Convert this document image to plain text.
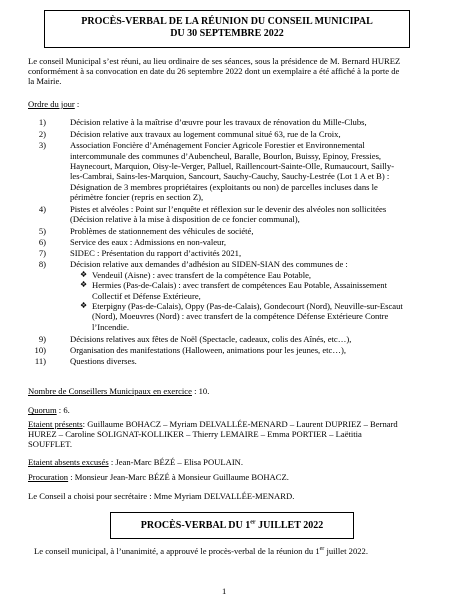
PROCÈS-VERBAL DE LA RÉUNION DU CONSEIL MUNICIPAL
DU 30 SEPTEMBRE 2022
Le conseil Municipal s’est réuni, au lieu ordinaire de ses séances, sous la présidence de M. Bernard HUREZ
conformément à sa convocation en date du 26 septembre 2022 dont un exemplaire a été affiché à la porte de
la Mairie.
Ordre du jour :
1)	Décision relative à la maîtrise d’œuvre pour les travaux de rénovation du Mille-Clubs,
2)	Décision relative aux travaux au logement communal situé 63, rue de la Croix,
3)	Association Foncière d’Aménagement Foncier Agricole Forestier et Environnemental
intercommunale des communes d’Aubencheul, Baralle, Bourlon, Buissy, Epinoy, Fressies,
Haynecourt, Marquion, Oisy-le-Verger, Palluel, Raillencourt-Sainte-Olle, Rumaucourt, Sailly-
les-Cambrai, Sains-les-Marquion, Sancourt, Sauchy-Cauchy, Sauchy-Lestrée (Lot 1 A et B) :
Désignation de 3 membres propriétaires (exploitants ou non) de parcelles incluses dans le
périmètre foncier (repris en section Z),
4)	Pistes et alvéoles : Point sur l’enquête et réflexion sur le devenir des alvéoles non sollicitées
(Décision relative à la mise à disposition de ce foncier communal),
5)	Problèmes de stationnement des véhicules de société,
6)	Service des eaux : Admissions en non-valeur,
7)	SIDEC : Présentation du rapport d’activités 2021,
8)	Décision relative aux demandes d’adhésion au SIDEN-SIAN des communes de :
❖ Vendeuil (Aisne) : avec transfert de la compétence Eau Potable,
❖ Hermies (Pas-de-Calais) : avec transfert de compétences Eau Potable, Assainissement
Collectif et Défense Extérieure,
❖ Eterpigny (Pas-de-Calais), Oppy (Pas-de-Calais), Gondecourt (Nord), Neuville-sur-Escaut
(Nord), Moeuvres (Nord) : avec transfert de la compétence Défense Extérieure Contre
l’Incendie.
9)	Décisions relatives aux fêtes de Noël (Spectacle, cadeaux, colis des Aînés, etc…),
10)	Organisation des manifestations (Halloween, animations pour les jeunes, etc…),
11)	Questions diverses.
Nombre de Conseillers Municipaux en exercice : 10.
Quorum : 6.
Etaient présents: Guillaume BOHACZ – Myriam DELVALLÉE-MENARD – Laurent DUPRIEZ – Bernard
HUREZ – Caroline SOLIGNAT-KOLLIKER – Thierry LEMAIRE – Emma PORTIER – Laëtitia
SOUFFLET.
Etaient absents excusés : Jean-Marc BÉZÉ – Elisa POULAIN.
Procuration : Monsieur Jean-Marc BÉZÉ à Monsieur Guillaume BOHACZ.
PROCÈS-VERBAL DU 1er JUILLET 2022
Le conseil municipal, à l’unanimité, a approuvé le procès-verbal de la réunion du 1er juillet 2022.
1
Le Conseil a choisi pour secrétaire : Mme Myriam DELVALLÉE-MENARD.
